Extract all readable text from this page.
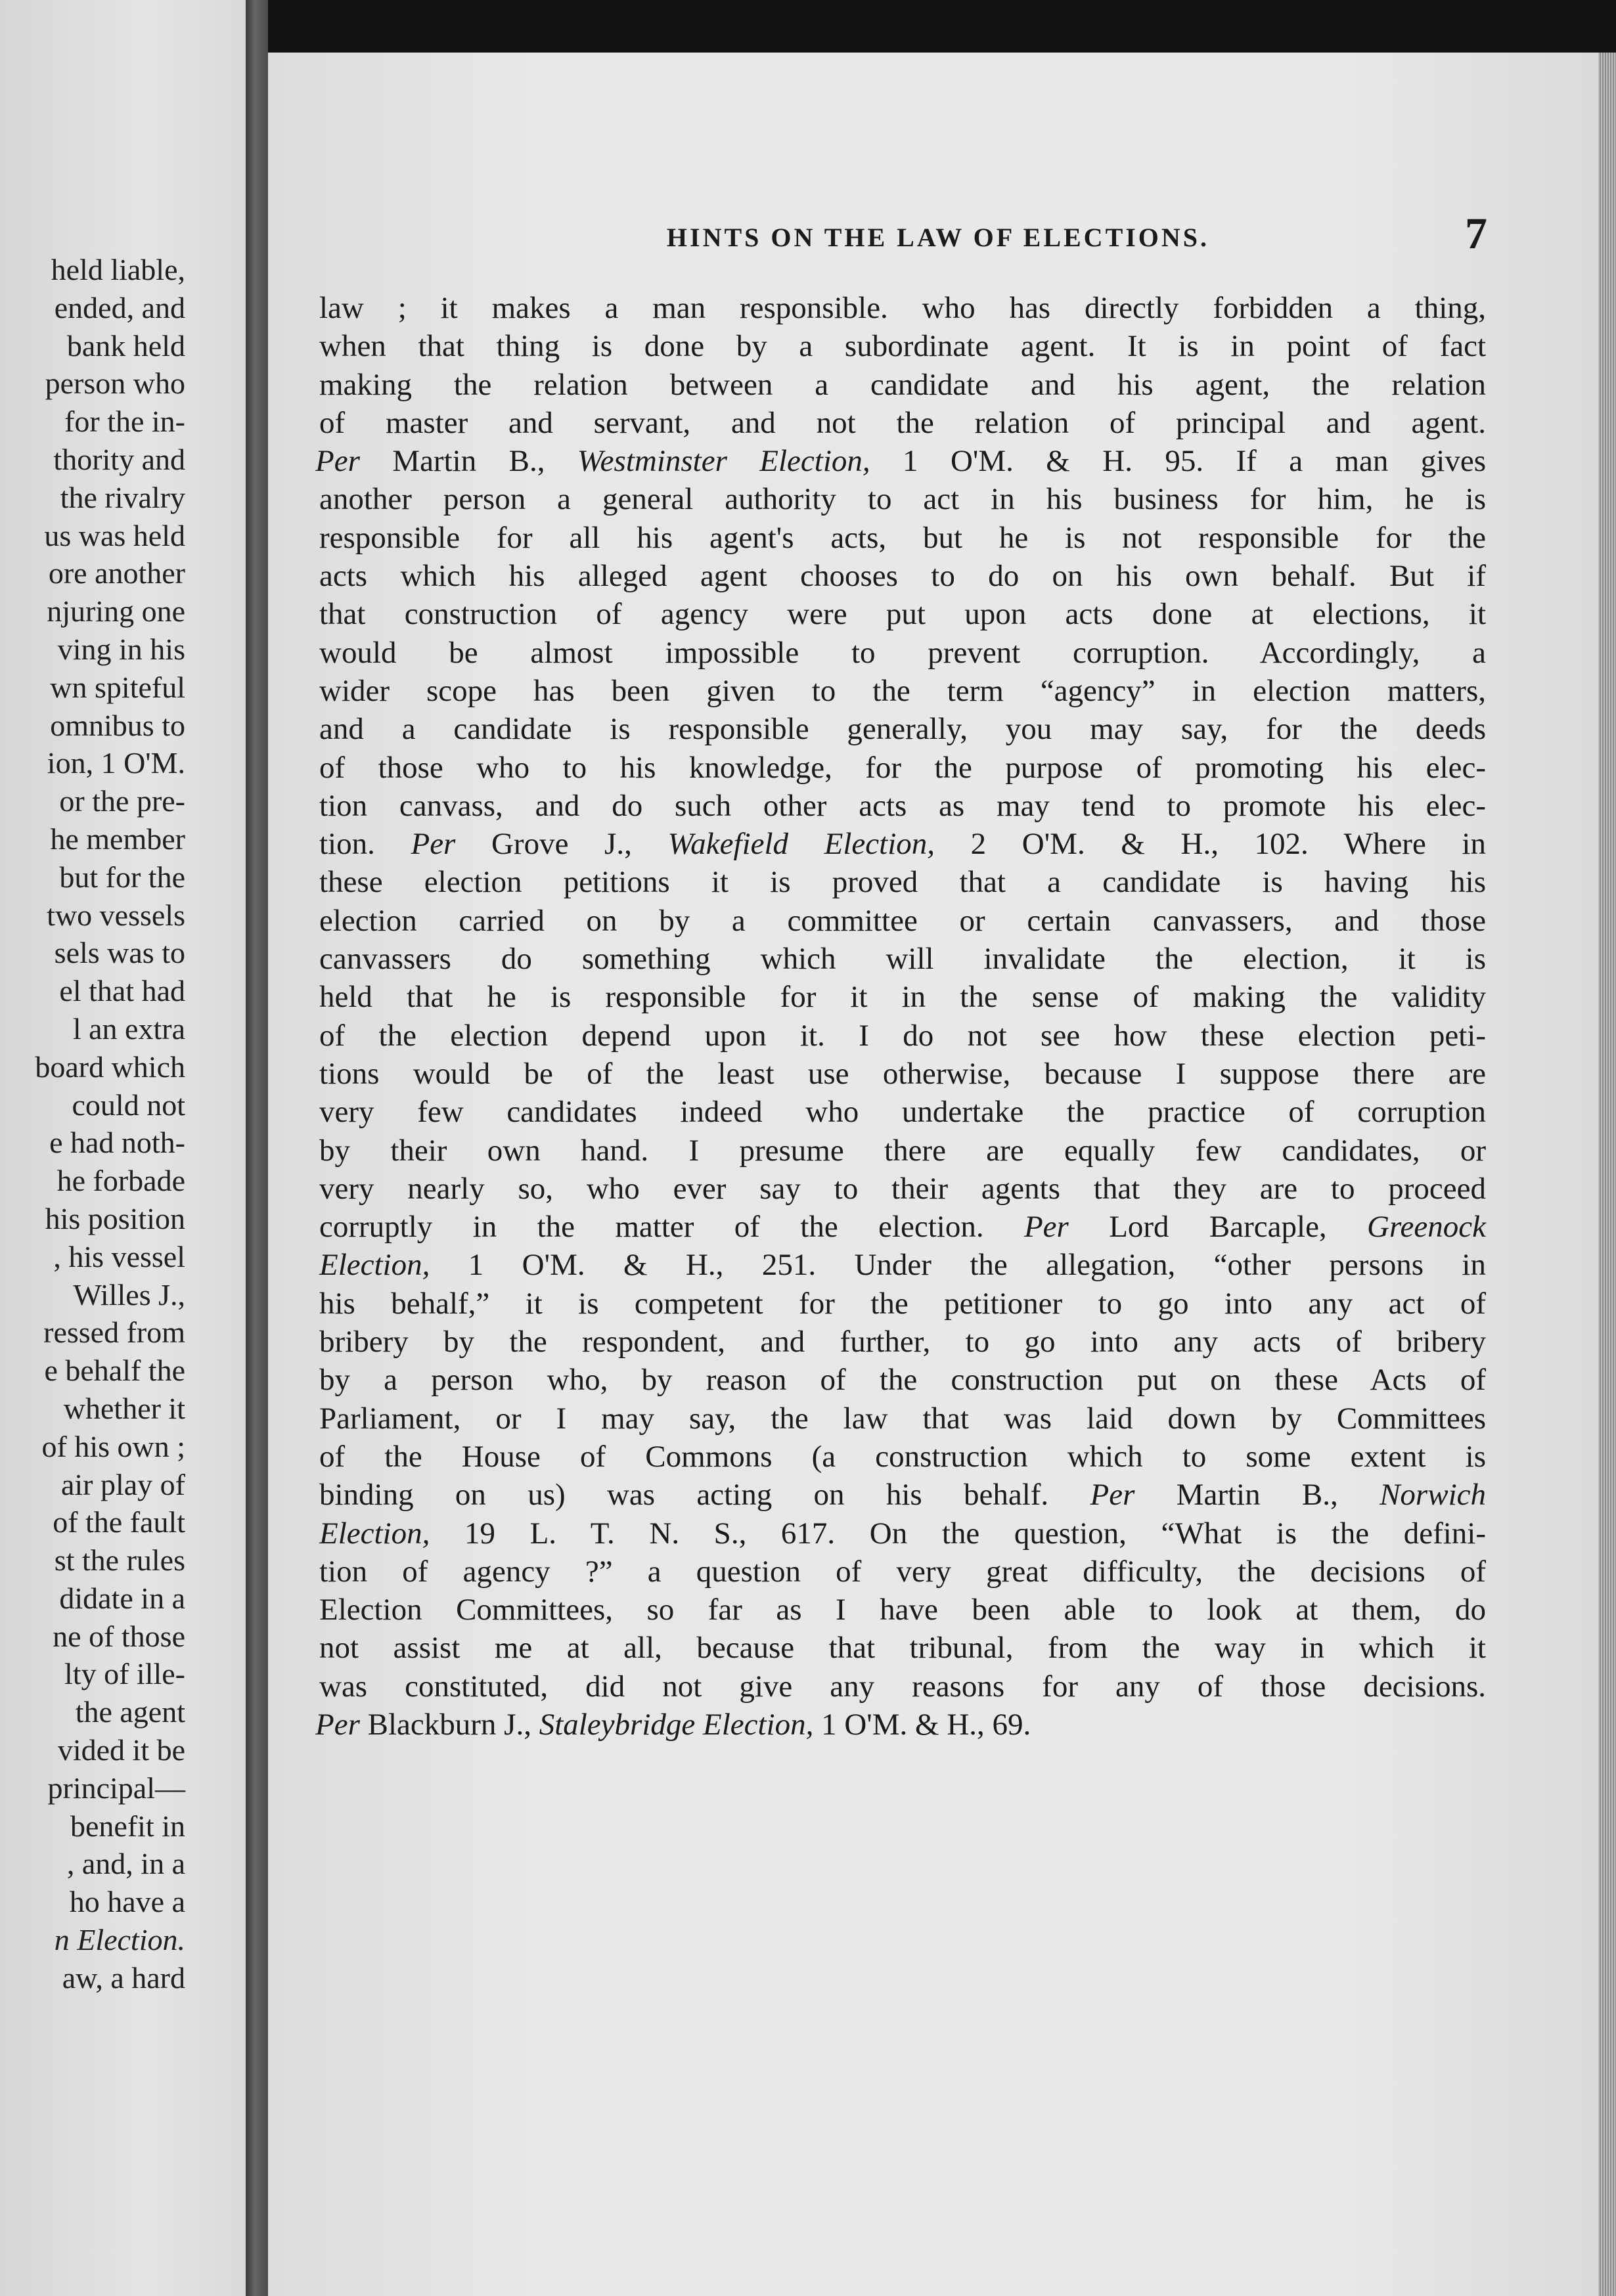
held liable,
ended, and
bank held
person who
for the in-
thority and
the rivalry
us was held
ore another
njuring one
ving in his
wn spiteful
omnibus to
ion, 1 O'M.
or the pre-
he member
but for the
two vessels
sels was to
el that had
l an extra
board which
could not
e had noth-
he forbade
his position
, his vessel
Willes J.,
ressed from
e behalf the
whether it
of his own ;
air play of
of the fault
st the rules
didate in a
ne of those
lty of ille-
the agent
vided it be
principal—
benefit in
, and, in a
ho have a
n Election.
aw, a hard
HINTS ON THE LAW OF ELECTIONS.	7
law ; it makes a man responsible. who has directly forbidden a thing,
when that thing is done by a subordinate agent. It is in point of fact
making the relation between a candidate and his agent, the relation
of master and servant, and not the relation of principal and agent.
Per Martin B., Westminster Election, 1 O'M. & H. 95. If a man gives
another person a general authority to act in his business for him, he is
responsible for all his agent's acts, but he is not responsible for the
acts which his alleged agent chooses to do on his own behalf. But if
that construction of agency were put upon acts done at elections, it
would be almost impossible to prevent corruption. Accordingly, a
wider scope has been given to the term “agency” in election matters,
and a candidate is responsible generally, you may say, for the deeds
of those who to his knowledge, for the purpose of promoting his elec-
tion canvass, and do such other acts as may tend to promote his elec-
tion. Per Grove J., Wakefield Election, 2 O'M. & H., 102. Where in
these election petitions it is proved that a candidate is having his
election carried on by a committee or certain canvassers, and those
canvassers do something which will invalidate the election, it is
held that he is responsible for it in the sense of making the validity
of the election depend upon it. I do not see how these election peti-
tions would be of the least use otherwise, because I suppose there are
very few candidates indeed who undertake the practice of corruption
by their own hand. I presume there are equally few candidates, or
very nearly so, who ever say to their agents that they are to proceed
corruptly in the matter of the election. Per Lord Barcaple, Greenock
Election, 1 O'M. & H., 251. Under the allegation, “other persons in
his behalf,” it is competent for the petitioner to go into any act of
bribery by the respondent, and further, to go into any acts of bribery
by a person who, by reason of the construction put on these Acts of
Parliament, or I may say, the law that was laid down by Committees
of the House of Commons (a construction which to some extent is
binding on us) was acting on his behalf. Per Martin B., Norwich
Election, 19 L. T. N. S., 617. On the question, “What is the defini-
tion of agency ?” a question of very great difficulty, the decisions of
Election Committees, so far as I have been able to look at them, do
not assist me at all, because that tribunal, from the way in which it
was constituted, did not give any reasons for any of those decisions.
Per Blackburn J., Staleybridge Election, 1 O'M. & H., 69.
